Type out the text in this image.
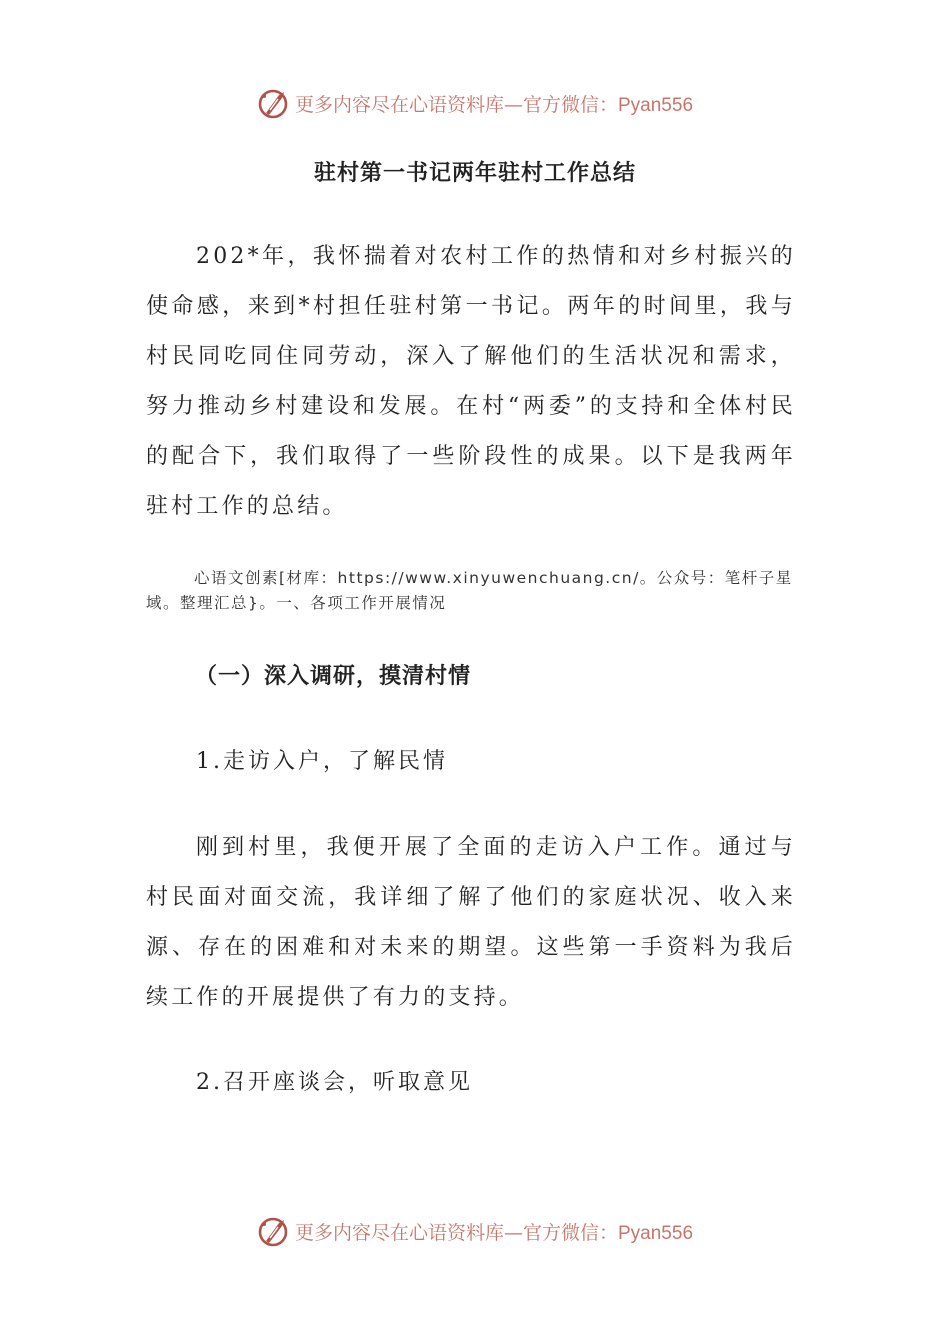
更多内容尽在心语资料库—官方微信：Pyan556
驻村第一书记两年驻村工作总结

202*年，我怀揣着对农村工作的热情和对乡村振兴的使命感，来到*村担任驻村第一书记。两年的时间里，我与村民同吃同住同劳动，深入了解他们的生活状况和需求，努力推动乡村建设和发展。在村“两委”的支持和全体村民的配合下，我们取得了一些阶段性的成果。以下是我两年驻村工作的总结。

心语文创素[材库：https://www.xinyuwenchuang.cn/。公众号：笔杆子星域。整理汇总}。一、各项工作开展情况

（一）深入调研，摸清村情

1.走访入户，了解民情

刚到村里，我便开展了全面的走访入户工作。通过与村民面对面交流，我详细了解了他们的家庭状况、收入来源、存在的困难和对未来的期望。这些第一手资料为我后续工作的开展提供了有力的支持。

2.召开座谈会，听取意见

更多内容尽在心语资料库—官方微信：Pyan556
